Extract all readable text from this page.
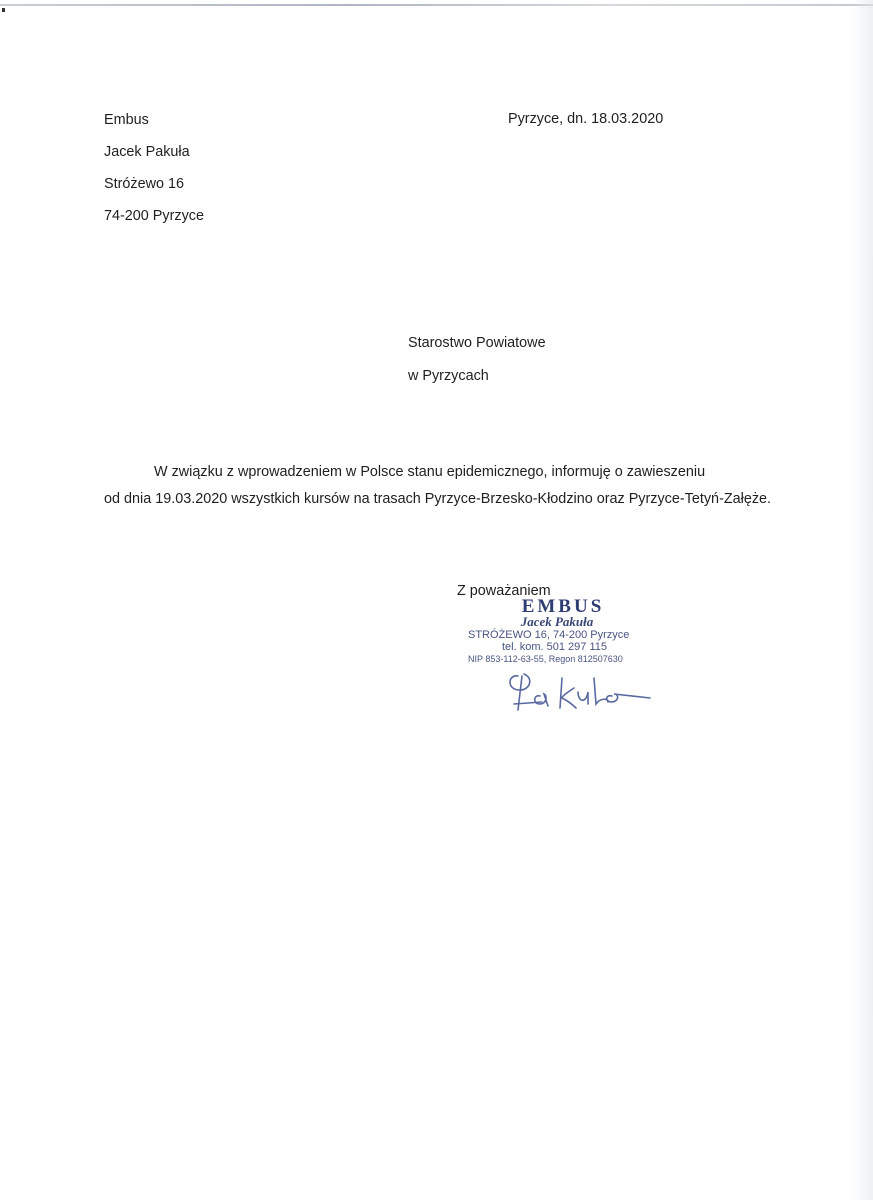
Embus
Jacek Pakuła
Stróżewo 16
74-200 Pyrzyce
Pyrzyce, dn. 18.03.2020
Starostwo Powiatowe
w Pyrzycach
W związku z wprowadzeniem w Polsce stanu epidemicznego, informuję o zawieszeniu
od dnia 19.03.2020 wszystkich kursów na trasach Pyrzyce-Brzesko-Kłodzino oraz Pyrzyce-Tetyń-Załęże.
Z poważaniem
EMBUS
Jacek Pakuła
STRÓŻEWO 16, 74-200 Pyrzyce
tel. kom. 501 297 115
NIP 853-112-63-55, Regon 812507630
